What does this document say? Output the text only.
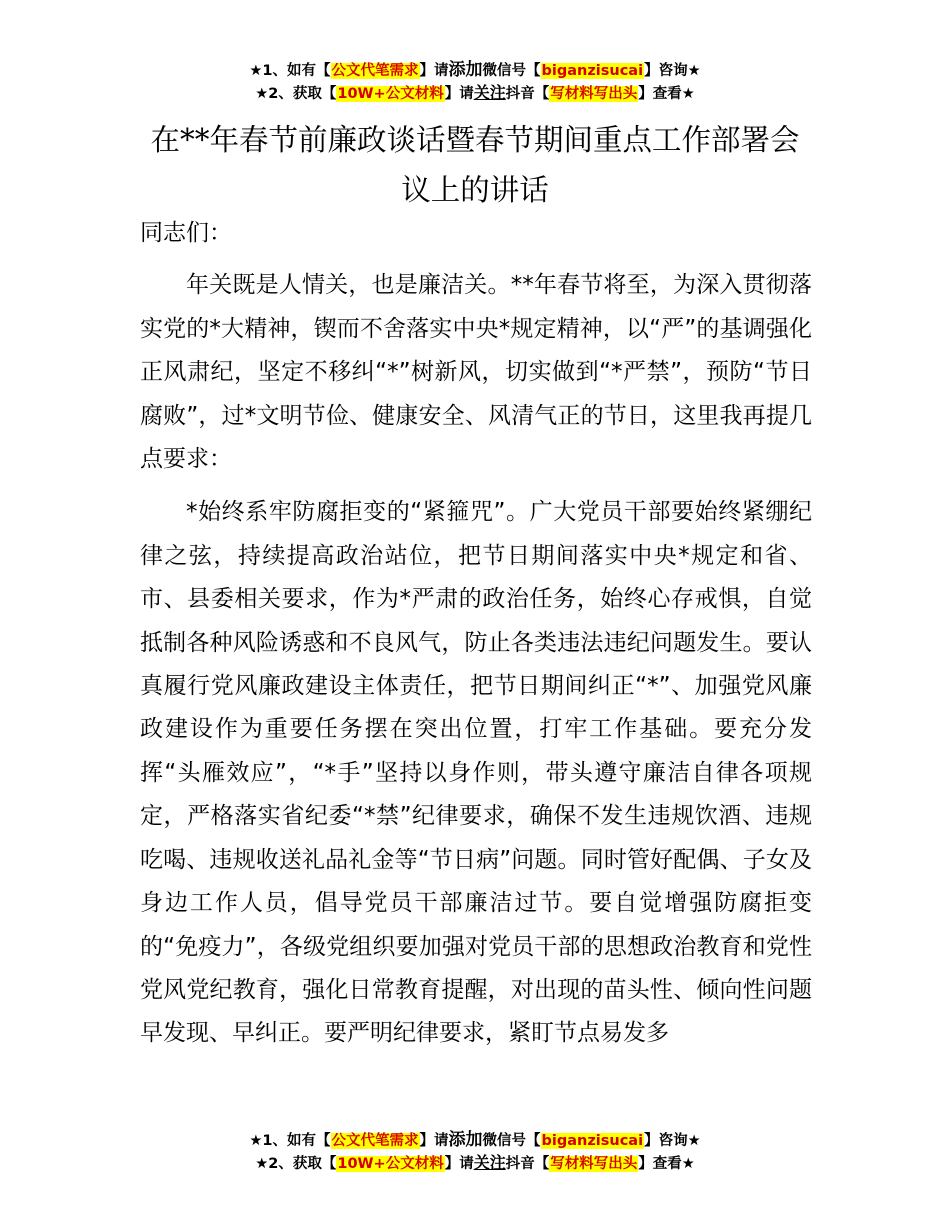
★1、如有【公文代笔需求】请添加微信号【biganzisucai】咨询★
★2、获取【10W+公文材料】请关注抖音【写材料写出头】查看★
在**年春节前廉政谈话暨春节期间重点工作部署会议上的讲话

同志们：

年关既是人情关，也是廉洁关。**年春节将至，为深入贯彻落实党的*大精神，锲而不舍落实中央*规定精神，以“严”的基调强化正风肃纪，坚定不移纠“*”树新风，切实做到“*严禁”，预防“节日腐败”，过*文明节俭、健康安全、风清气正的节日，这里我再提几点要求：

*始终系牢防腐拒变的“紧箍咒”。广大党员干部要始终紧绷纪律之弦，持续提高政治站位，把节日期间落实中央*规定和省、市、县委相关要求，作为*严肃的政治任务，始终心存戒惧，自觉抵制各种风险诱惑和不良风气，防止各类违法违纪问题发生。要认真履行党风廉政建设主体责任，把节日期间纠正“*”、加强党风廉政建设作为重要任务摆在突出位置，打牢工作基础。要充分发挥“头雁效应”，“*手”坚持以身作则，带头遵守廉洁自律各项规定，严格落实省纪委“*禁”纪律要求，确保不发生违规饮酒、违规吃喝、违规收送礼品礼金等“节日病”问题。同时管好配偶、子女及身边工作人员，倡导党员干部廉洁过节。要自觉增强防腐拒变的“免疫力”，各级党组织要加强对党员干部的思想政治教育和党性党风党纪教育，强化日常教育提醒，对出现的苗头性、倾向性问题早发现、早纠正。要严明纪律要求，紧盯节点易发多

★1、如有【公文代笔需求】请添加微信号【biganzisucai】咨询★
★2、获取【10W+公文材料】请关注抖音【写材料写出头】查看★
